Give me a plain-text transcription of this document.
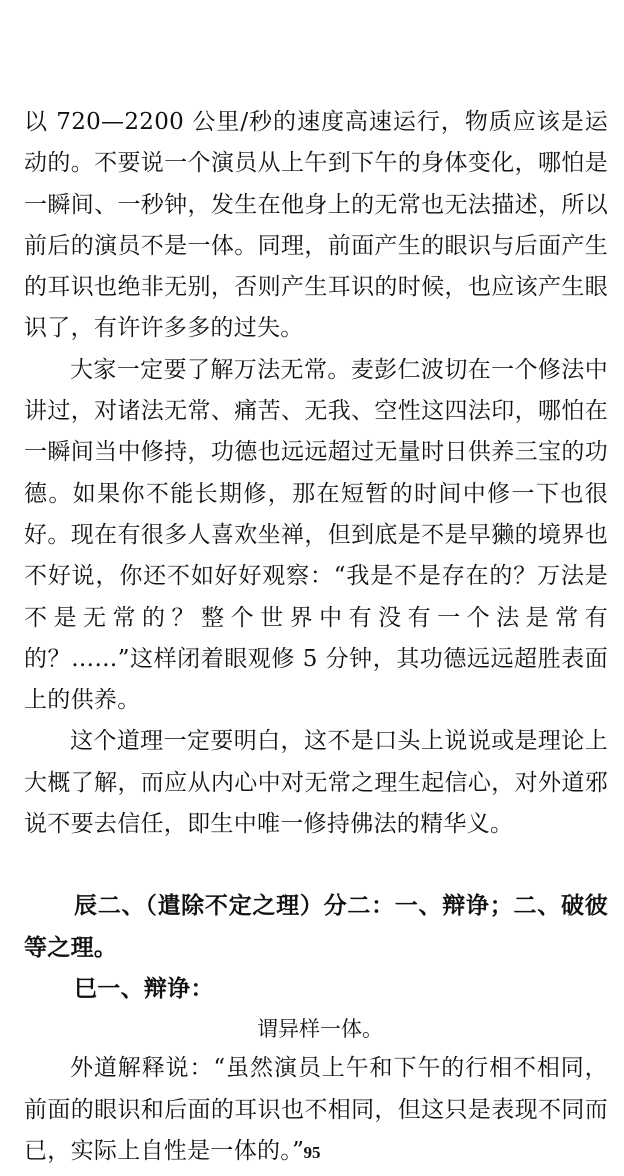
以 720—2200 公里/秒的速度高速运行，物质应该是运动的。不要说一个演员从上午到下午的身体变化，哪怕是一瞬间、一秒钟，发生在他身上的无常也无法描述，所以前后的演员不是一体。同理，前面产生的眼识与后面产生的耳识也绝非无别，否则产生耳识的时候，也应该产生眼识了，有许许多多的过失。

大家一定要了解万法无常。麦彭仁波切在一个修法中讲过，对诸法无常、痛苦、无我、空性这四法印，哪怕在一瞬间当中修持，功德也远远超过无量时日供养三宝的功德。如果你不能长期修，那在短暂的时间中修一下也很好。现在有很多人喜欢坐禅，但到底是不是早獭的境界也不好说，你还不如好好观察：“我是不是存在的？万法是不是无常的？整个世界中有没有一个法是常有的？……”这样闭着眼观修 5 分钟，其功德远远超胜表面上的供养。

这个道理一定要明白，这不是口头上说说或是理论上大概了解，而应从内心中对无常之理生起信心，对外道邪说不要去信任，即生中唯一修持佛法的精华义。

辰二、（遣除不定之理）分二：一、辩诤；二、破彼等之理。

巳一、辩诤：

谓异样一体。

外道解释说：“虽然演员上午和下午的行相不相同，前面的眼识和后面的耳识也不相同，但这只是表现不同而已，实际上自性是一体的。” 95
